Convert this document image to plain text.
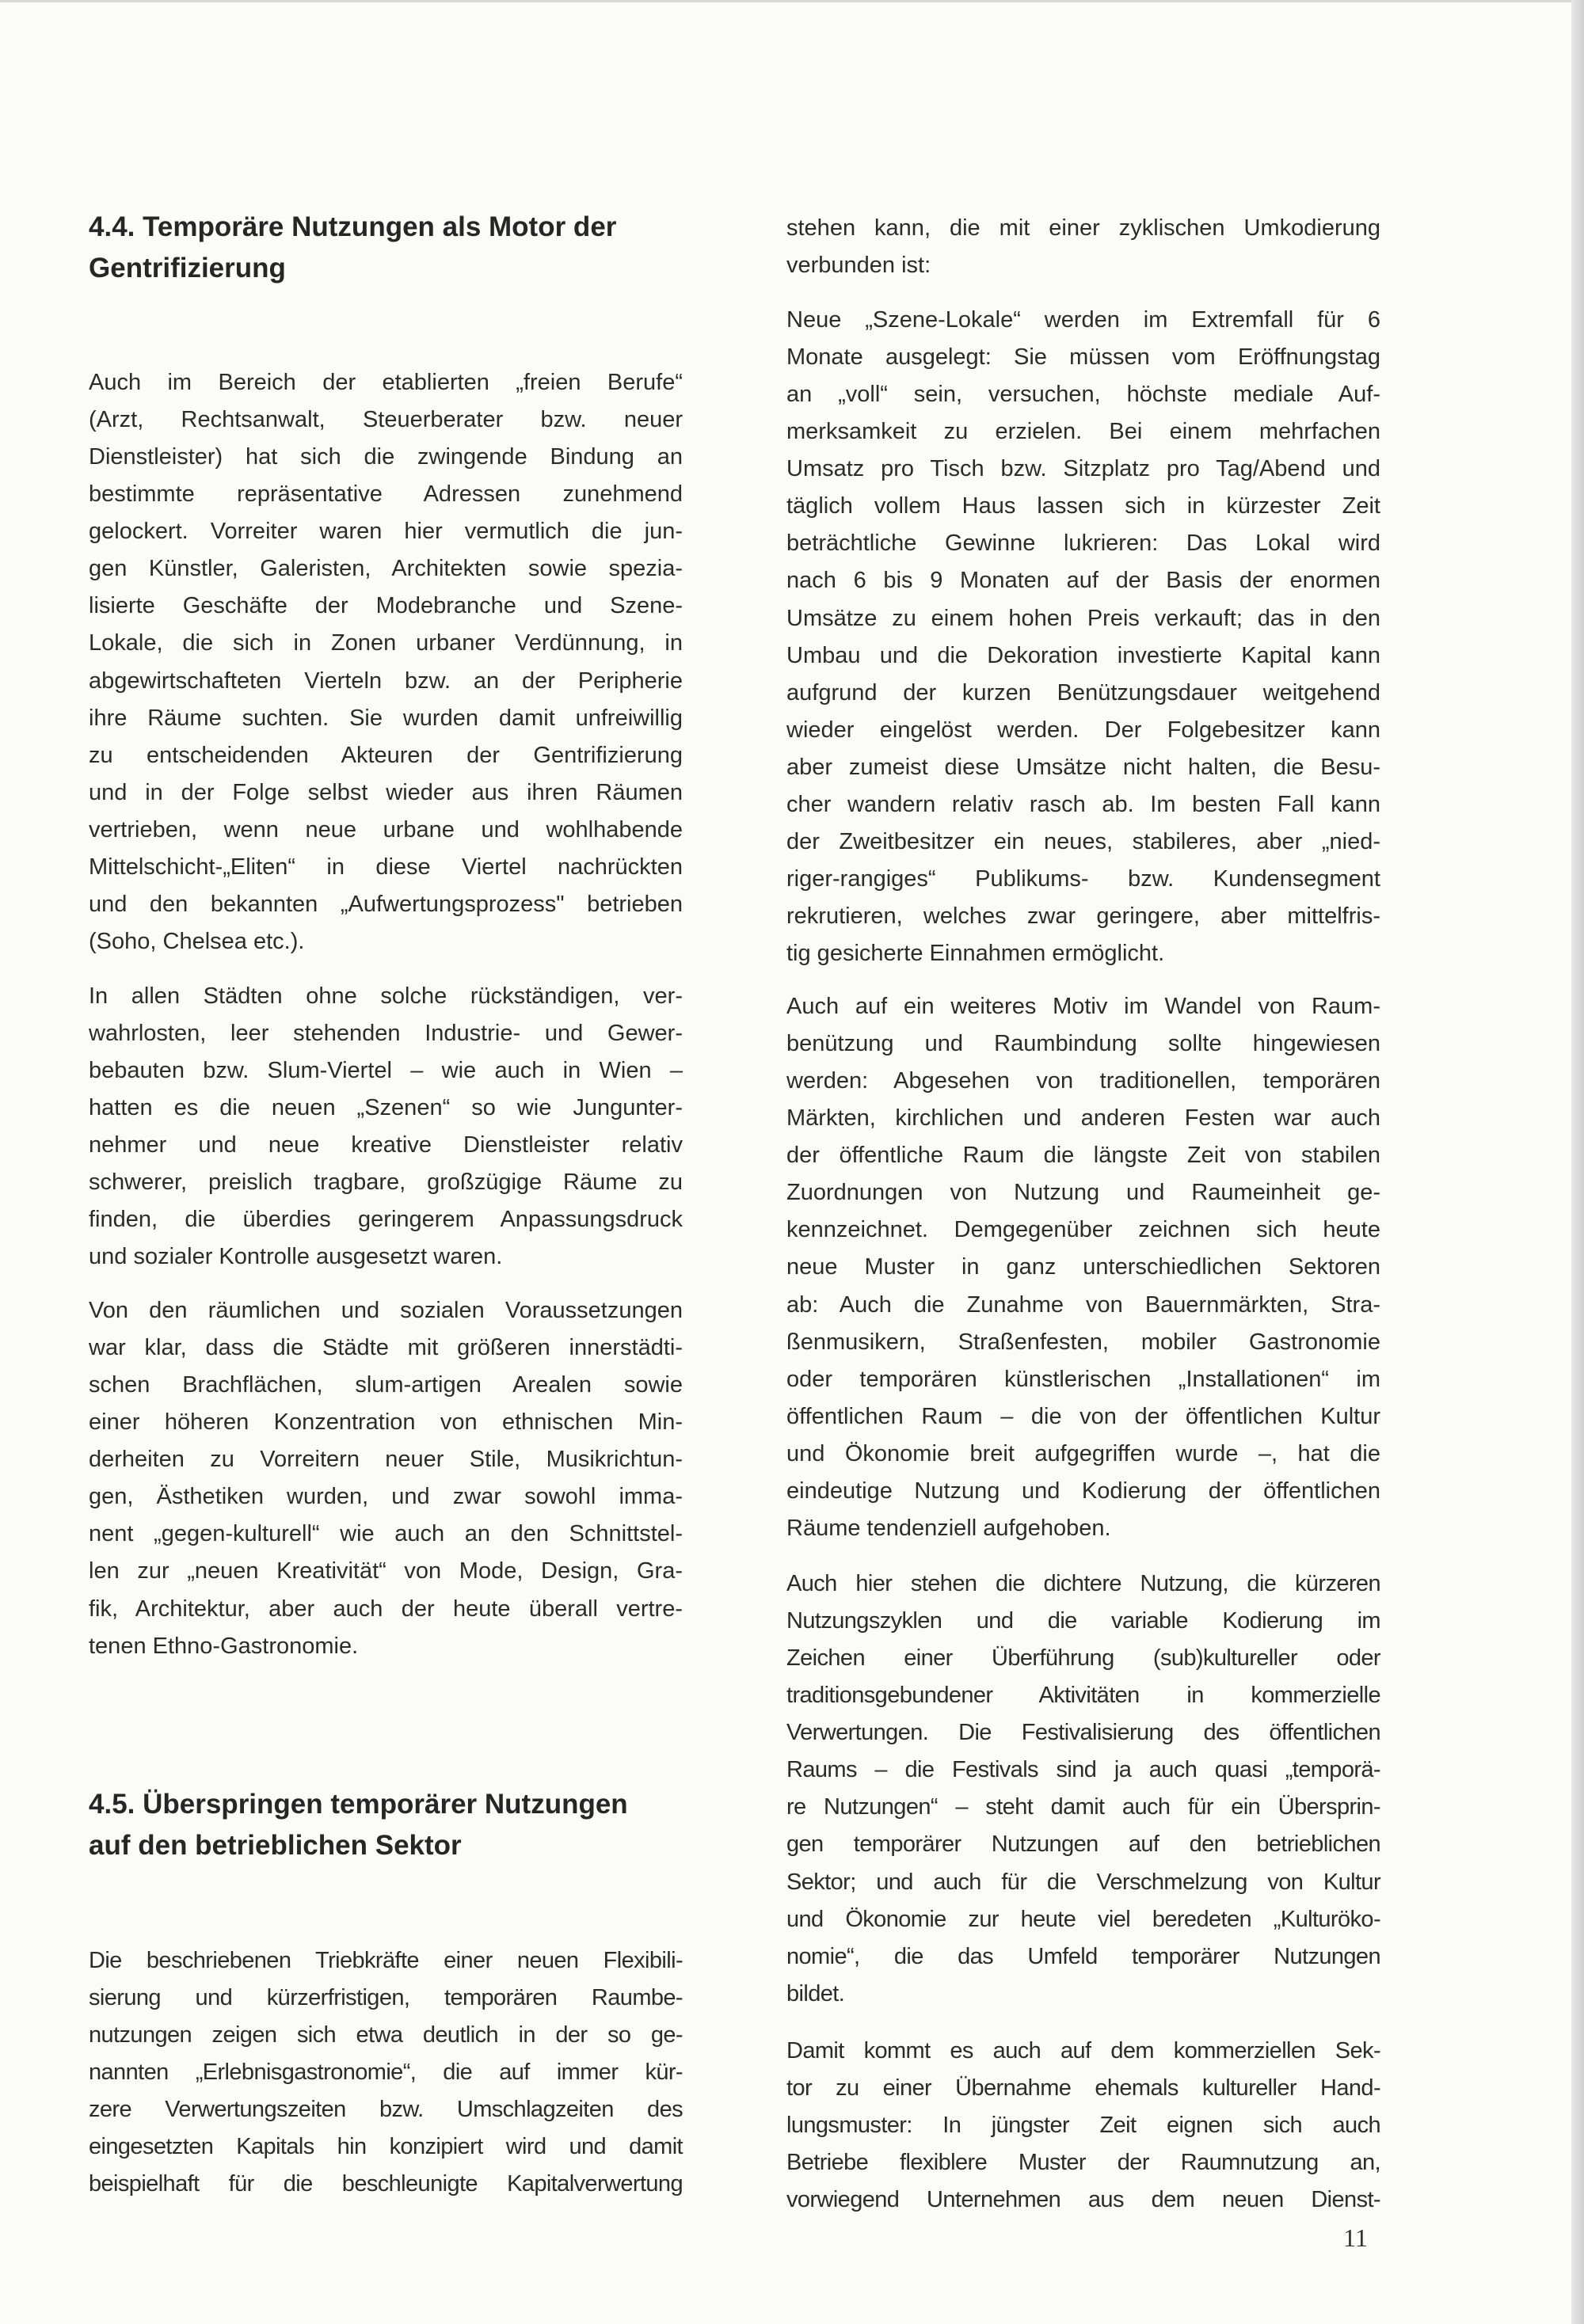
4.4. Temporäre Nutzungen als Motor der
Gentrifizierung
Auch im Bereich der etablierten „freien Berufe“
(Arzt, Rechtsanwalt, Steuerberater bzw. neuer
Dienstleister) hat sich die zwingende Bindung an
bestimmte repräsentative Adressen zunehmend
gelockert. Vorreiter waren hier vermutlich die jun-
gen Künstler, Galeristen, Architekten sowie spezia-
lisierte Geschäfte der Modebranche und Szene-
Lokale, die sich in Zonen urbaner Verdünnung, in
abgewirtschafteten Vierteln bzw. an der Peripherie
ihre Räume suchten. Sie wurden damit unfreiwillig
zu entscheidenden Akteuren der Gentrifizierung
und in der Folge selbst wieder aus ihren Räumen
vertrieben, wenn neue urbane und wohlhabende
Mittelschicht-„Eliten“ in diese Viertel nachrückten
und den bekannten „Aufwertungsprozess" betrieben
(Soho, Chelsea etc.).
In allen Städten ohne solche rückständigen, ver-
wahrlosten, leer stehenden Industrie- und Gewer-
bebauten bzw. Slum-Viertel – wie auch in Wien –
hatten es die neuen „Szenen“ so wie Jungunter-
nehmer und neue kreative Dienstleister relativ
schwerer, preislich tragbare, großzügige Räume zu
finden, die überdies geringerem Anpassungsdruck
und sozialer Kontrolle ausgesetzt waren.
Von den räumlichen und sozialen Voraussetzungen
war klar, dass die Städte mit größeren innerstädti-
schen Brachflächen, slum-artigen Arealen sowie
einer höheren Konzentration von ethnischen Min-
derheiten zu Vorreitern neuer Stile, Musikrichtun-
gen, Ästhetiken wurden, und zwar sowohl imma-
nent „gegen-kulturell“ wie auch an den Schnittstel-
len zur „neuen Kreativität“ von Mode, Design, Gra-
fik, Architektur, aber auch der heute überall vertre-
tenen Ethno-Gastronomie.
4.5. Überspringen temporärer Nutzungen
auf den betrieblichen Sektor
Die beschriebenen Triebkräfte einer neuen Flexibili-
sierung und kürzerfristigen, temporären Raumbe-
nutzungen zeigen sich etwa deutlich in der so ge-
nannten „Erlebnisgastronomie“, die auf immer kür-
zere Verwertungszeiten bzw. Umschlagzeiten des
eingesetzten Kapitals hin konzipiert wird und damit
beispielhaft für die beschleunigte Kapitalverwertung
stehen kann, die mit einer zyklischen Umkodierung
verbunden ist:
Neue „Szene-Lokale“ werden im Extremfall für 6
Monate ausgelegt: Sie müssen vom Eröffnungstag
an „voll“ sein, versuchen, höchste mediale Auf-
merksamkeit zu erzielen. Bei einem mehrfachen
Umsatz pro Tisch bzw. Sitzplatz pro Tag/Abend und
täglich vollem Haus lassen sich in kürzester Zeit
beträchtliche Gewinne lukrieren: Das Lokal wird
nach 6 bis 9 Monaten auf der Basis der enormen
Umsätze zu einem hohen Preis verkauft; das in den
Umbau und die Dekoration investierte Kapital kann
aufgrund der kurzen Benützungsdauer weitgehend
wieder eingelöst werden. Der Folgebesitzer kann
aber zumeist diese Umsätze nicht halten, die Besu-
cher wandern relativ rasch ab. Im besten Fall kann
der Zweitbesitzer ein neues, stabileres, aber „nied-
riger-rangiges“ Publikums- bzw. Kundensegment
rekrutieren, welches zwar geringere, aber mittelfris-
tig gesicherte Einnahmen ermöglicht.
Auch auf ein weiteres Motiv im Wandel von Raum-
benützung und Raumbindung sollte hingewiesen
werden: Abgesehen von traditionellen, temporären
Märkten, kirchlichen und anderen Festen war auch
der öffentliche Raum die längste Zeit von stabilen
Zuordnungen von Nutzung und Raumeinheit ge-
kennzeichnet. Demgegenüber zeichnen sich heute
neue Muster in ganz unterschiedlichen Sektoren
ab: Auch die Zunahme von Bauernmärkten, Stra-
ßenmusikern, Straßenfesten, mobiler Gastronomie
oder temporären künstlerischen „Installationen“ im
öffentlichen Raum – die von der öffentlichen Kultur
und Ökonomie breit aufgegriffen wurde –, hat die
eindeutige Nutzung und Kodierung der öffentlichen
Räume tendenziell aufgehoben.
Auch hier stehen die dichtere Nutzung, die kürzeren
Nutzungszyklen und die variable Kodierung im
Zeichen einer Überführung (sub)kultureller oder
traditionsgebundener Aktivitäten in kommerzielle
Verwertungen. Die Festivalisierung des öffentlichen
Raums – die Festivals sind ja auch quasi „temporä-
re Nutzungen“ – steht damit auch für ein Übersprin-
gen temporärer Nutzungen auf den betrieblichen
Sektor; und auch für die Verschmelzung von Kultur
und Ökonomie zur heute viel beredeten „Kulturöko-
nomie“, die das Umfeld temporärer Nutzungen
bildet.
Damit kommt es auch auf dem kommerziellen Sek-
tor zu einer Übernahme ehemals kultureller Hand-
lungsmuster: In jüngster Zeit eignen sich auch
Betriebe flexiblere Muster der Raumnutzung an,
vorwiegend Unternehmen aus dem neuen Dienst-
11
